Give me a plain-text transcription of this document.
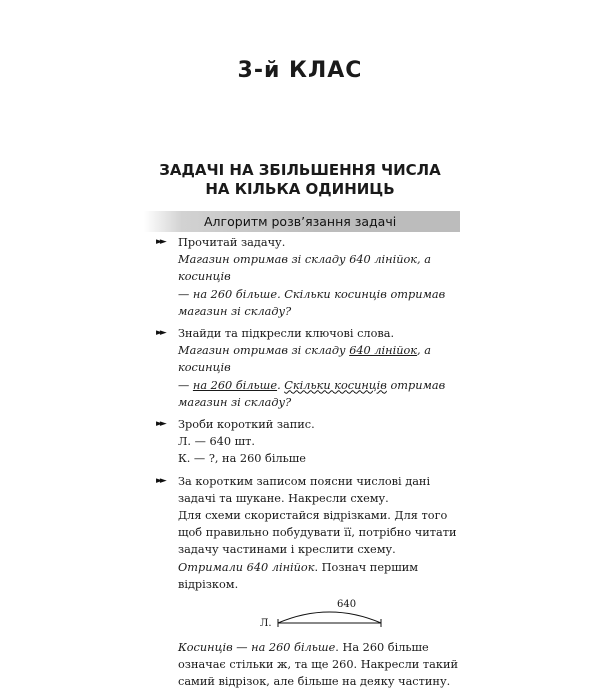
3-й КЛАС
ЗАДАЧІ НА ЗБІЛЬШЕННЯ ЧИСЛА
НА КІЛЬКА ОДИНИЦЬ
Алгоритм розв’язання задачі
►► Прочитай задачу.
Магазин отримав зі складу 640 лінійок, а косинців
— на 260 більше. Скільки косинців отримав магазин зі складу?
►► Знайди та підкресли ключові слова.
Магазин отримав зі складу 640 лінійок, а косинців
— на 260 більше. Скільки косинців отримав магазин зі складу?
►► Зроби короткий запис.
Л. — 640 шт.
К. — ?, на 260 більше
►► За коротким записом поясни числові дані задачі та шукане. Накресли схему.
Для схеми скористайся відрізками. Для того щоб правильно побудувати її, потрібно читати задачу частинами і креслити схему.
Отримали 640 лінійок. Познач першим відрізком.
Л.
640
Косинців — на 260 більше. На 260 більше означає стільки ж, та ще 260. Накресли такий самий відрізок, але більше на деяку частину.
